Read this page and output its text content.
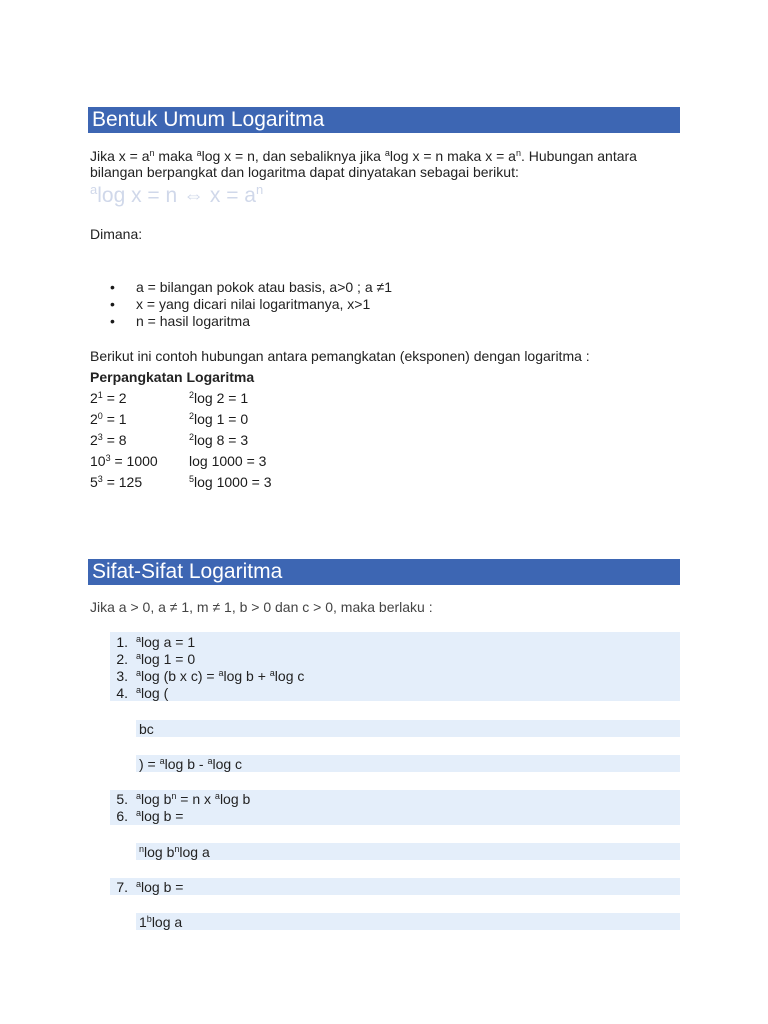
Bentuk Umum Logaritma
Jika $x = a^n$ maka $^a$log x = n, dan sebaliknya jika $^a$log x = n maka $x = a^n$. Hubungan antara
bilangan berpangkat dan logaritma dapat dinyatakan sebagai berikut:
$^a$log x = n ⇔ $x = a^n$
Dimana:
• a = bilangan pokok atau basis, a>0 ; a ≠1
• x = yang dicari nilai logaritmanya, x>1
• n = hasil logaritma
Berikut ini contoh hubungan antara pemangkatan (eksponen) dengan logaritma :
Perpangkatan Logaritma
$2^1 = 2$	$^2$log 2 = 1
$2^0 = 1$	$^2$log 1 = 0
$2^3 = 8$	$^2$log 8 = 3
$10^3 = 1000$ log 1000 = 3
$5^3 = 125$	$^5$log 1000 = 3
Sifat-Sifat Logaritma
Jika a > 0, a ≠ 1, m ≠ 1, b > 0 dan c > 0, maka berlaku :
1. $^a$log a = 1
2. $^a$log 1 = 0
3. $^a$log (b x c) = $^a$log b + $^a$log c
4. $^a$log (
bc
) = $^a$log b - $^a$log c
5. $^a$log $b^n = n$ x $^a$log b
6. $^a$log b =
$^n$log $b^n\log$ a
7. $^a$log b =
$1^b\log$ a
